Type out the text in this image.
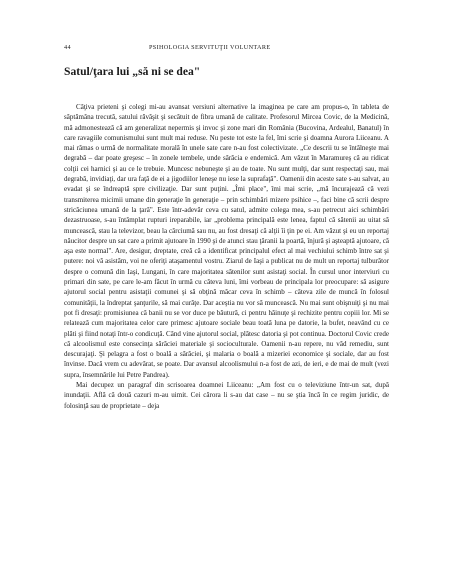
44	PSIHOLOGIA SERVITUŢII VOLUNTARE
Satul/ţara lui „să ni se dea"

Câţiva prieteni şi colegi mi-au avansat versiuni alternative la imaginea pe care am propus-o, în tableta de săptămâna trecută, satului răvăşit şi secătuit de fibra umană de calitate. Profesorul Mircea Covic, de la Medicină, mă admonestează că am generalizat nepermis şi invoc şi zone mari din România (Bucovina, Ardealul, Banatul) în care ravagiile comunismului sunt mult mai reduse. Nu peste tot este la fel, îmi scrie şi doamna Aurora Liiceanu. A mai rămas o urmă de normalitate morală în unele sate care n-au fost colectivizate. „Ce descrii tu se întâlneşte mai degrabă – dar poate greşesc – în zonele tembele, unde sărăcia e endemică. Am văzut în Maramureş că au ridicat colţii cei harnici şi au ce le trebuie. Muncesc nebuneşte şi au de toate. Nu sunt mulţi, dar sunt respectaţi sau, mai degrabă, invidiaţi, dar ura faţă de ei a jigodiilor leneşe nu iese la suprafaţă". Oamenii din aceste sate s-au salvat, au evadat şi se îndreaptă spre civilizaţie. Dar sunt puţini. „Îmi place", îmi mai scrie, „mă încurajează că vezi transmiterea micimii umane din generaţie în generaţie – prin schimbări mizere psihice –, faci bine că scrii despre stricăciunea umană de la ţară". Este într-adevăr ceva cu satul, admite colega mea, s-au petrecut aici schimbări dezastruoase, s-au întâmplat rupturi ireparabile, iar „problema principală este lenea, faptul că sătenii au uitat să muncească, stau la televizor, beau la cârciumă sau nu, au fost dresaţi că alţii îi ţin pe ei. Am văzut şi eu un reportaj năucitor despre un sat care a primit ajutoare în 1990 şi de atunci stau ţăranii la poartă, înjură şi aşteaptă ajutoare, că aşa este normal". Are, desigur, dreptate, creă că a identificat principalul efect al mai vechiului schimb între sat şi putere: noi vă asistăm, voi ne oferiţi ataşamentul vostru. Ziarul de Iaşi a publicat nu de mult un reportaj tulburător despre o comună din Iaşi, Lungani, în care majoritatea sătenilor sunt asistaţi social. În cursul unor interviuri cu primari din sate, pe care le-am făcut în urmă cu câteva luni, îmi vorbeau de principala lor preocupare: să asigure ajutorul social pentru asistaţii comunei şi să obţină măcar ceva în schimb – câteva zile de muncă în folosul comunităţii, la îndreptat şanţurile, să mai curăţe. Dar aceştia nu vor să muncească. Nu mai sunt obişnuiţi şi nu mai pot fi dresaţi: promisiunea că banii nu se vor duce pe băutură, ci pentru hăinuţe şi rechizite pentru copiii lor. Mi se relatează cum majoritatea celor care primesc ajutoare sociale beau toată luna pe datorie, la bufet, neavând cu ce plăti şi fiind notaţi într-o condicuţă. Când vine ajutorul social, plătesc datoria şi pot continua. Doctorul Covic crede că alcoolismul este consecinţa sărăciei materiale şi socioculturale. Oamenii n-au repere, nu văd remediu, sunt descurajaţi. Şi pelagra a fost o boală a sărăciei, şi malaria o boală a mizeriei economice şi sociale, dar au fost învinse. Dacă vrem cu adevărat, se poate. Dar avansul alcoolismului n-a fost de azi, de ieri, e de mai de mult (vezi supra, însemnările lui Petre Pandrea).

Mai decupez un paragraf din scrisoarea doamnei Liiceanu: „Am fost cu o televiziune într-un sat, după inundaţii. Află că două cazuri m-au uimit. Cei cărora li s-au dat case – nu se ştia încă în ce regim juridic, de folosinţă sau de proprietate – deja
